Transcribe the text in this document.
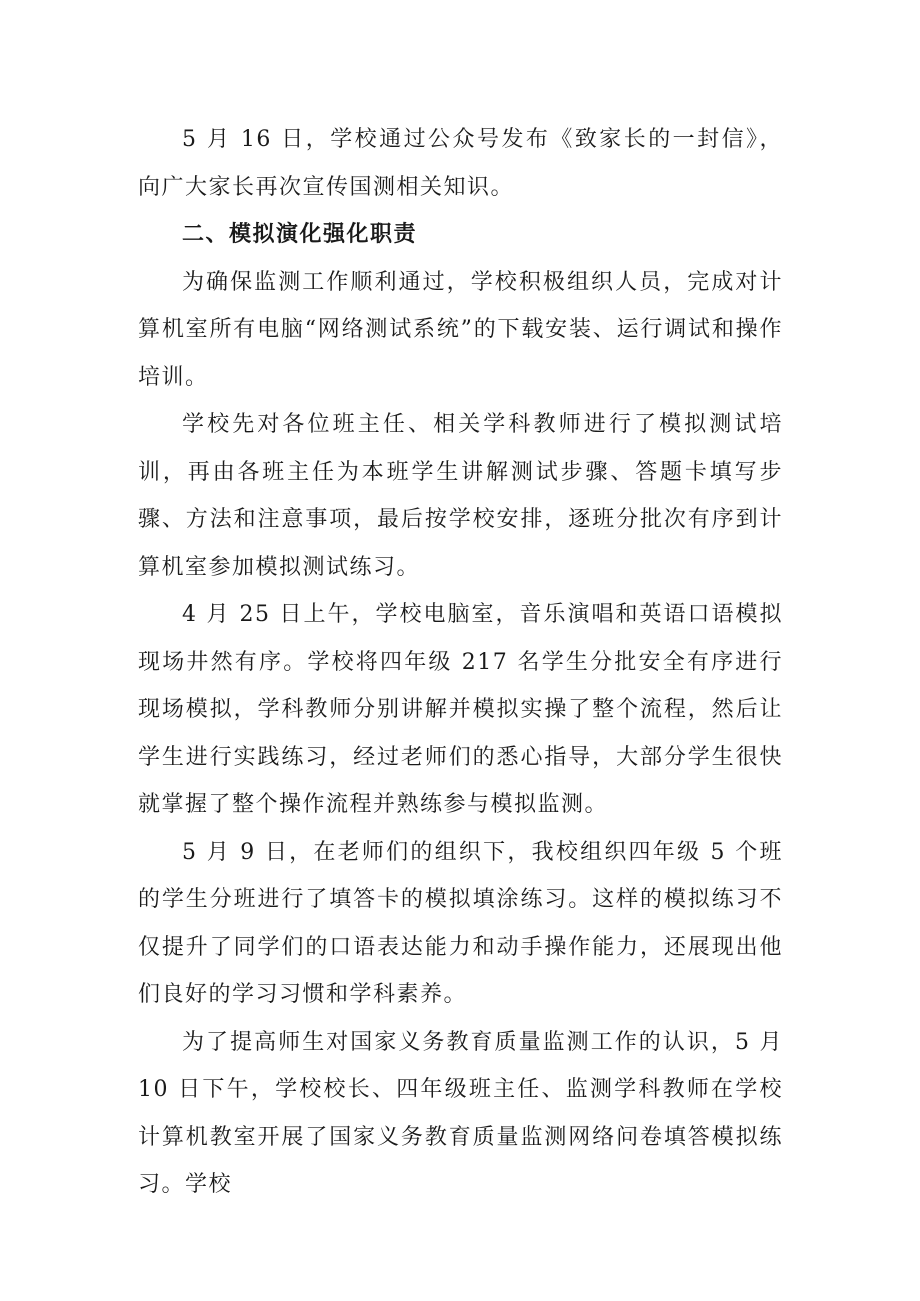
5 月 16 日，学校通过公众号发布《致家长的一封信》，向广大家长再次宣传国测相关知识。

二、模拟演化强化职责

为确保监测工作顺利通过，学校积极组织人员，完成对计算机室所有电脑“网络测试系统”的下载安装、运行调试和操作培训。

学校先对各位班主任、相关学科教师进行了模拟测试培训，再由各班主任为本班学生讲解测试步骤、答题卡填写步骤、方法和注意事项，最后按学校安排，逐班分批次有序到计算机室参加模拟测试练习。

4 月 25 日上午，学校电脑室，音乐演唱和英语口语模拟现场井然有序。学校将四年级 217 名学生分批安全有序进行现场模拟，学科教师分别讲解并模拟实操了整个流程，然后让学生进行实践练习，经过老师们的悉心指导，大部分学生很快就掌握了整个操作流程并熟练参与模拟监测。

5 月 9 日，在老师们的组织下，我校组织四年级 5 个班的学生分班进行了填答卡的模拟填涂练习。这样的模拟练习不仅提升了同学们的口语表达能力和动手操作能力，还展现出他们良好的学习习惯和学科素养。

为了提高师生对国家义务教育质量监测工作的认识，5 月 10 日下午，学校校长、四年级班主任、监测学科教师在学校计算机教室开展了国家义务教育质量监测网络问卷填答模拟练习。学校
